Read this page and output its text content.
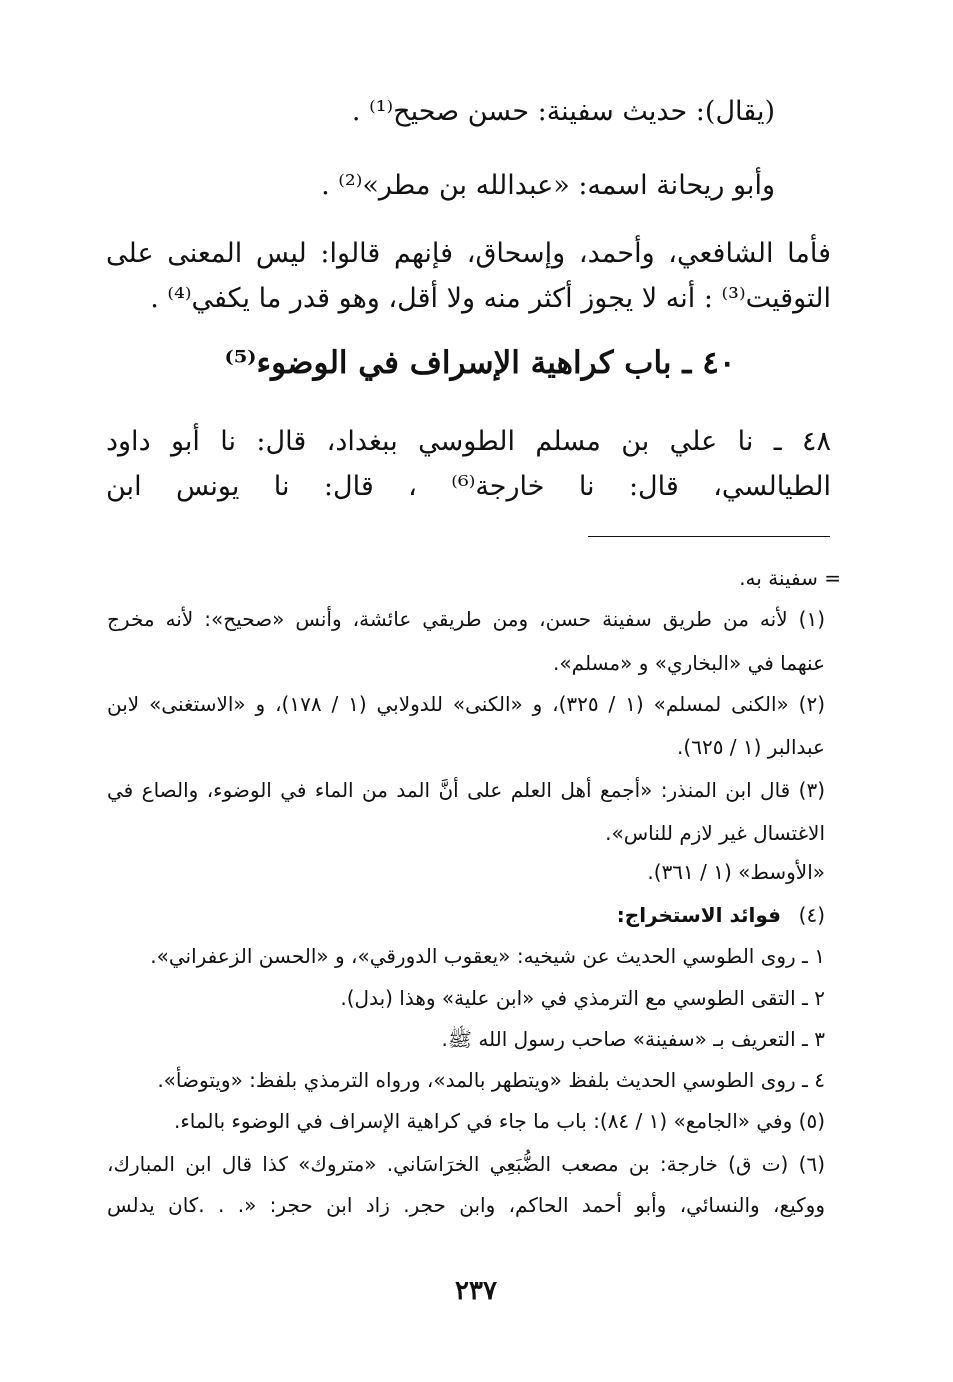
(يقال): حديث سفينة: حسن صحيح⁽¹⁾ .
وأبو ريحانة اسمه: «عبدالله بن مطر»⁽²⁾ .
فأما الشافعي، وأحمد، وإسحاق، فإنهم قالوا: ليس المعنى على
التوقيت⁽³⁾ : أنه لا يجوز أكثر منه ولا أقل، وهو قدر ما يكفي⁽⁴⁾ .
٤٠ ـ باب كراهية الإسراف في الوضوء⁽⁵⁾
٤٨ ـ نا علي بن مسلم الطوسي ببغداد، قال: نا أبو داود
الطيالسي، قال: نا خارجة⁽⁶⁾ ، قال: نا يونس ابن
= سفينة به.
(١) لأنه من طريق سفينة حسن، ومن طريقي عائشة، وأنس «صحيح»: لأنه مخرج
عنهما في «البخاري» و «مسلم».
(٢) «الكنى لمسلم» (١ / ٣٢٥)، و «الكنى» للدولابي (١ / ١٧٨)، و «الاستغنى» لابن
عبدالبر (١ / ٦٢٥).
(٣) قال ابن المنذر: «أجمع أهل العلم على أنَّ المد من الماء في الوضوء، والصاع في
الاغتسال غير لازم للناس».
«الأوسط» (١ / ٣٦١).
(٤)
فوائد الاستخراج:
١ ـ روى الطوسي الحديث عن شيخيه: «يعقوب الدورقي»، و «الحسن الزعفراني».
٢ ـ التقى الطوسي مع الترمذي في «ابن علية» وهذا (بدل).
٣ ـ التعريف بـ «سفينة» صاحب رسول الله ﷺ.
٤ ـ روى الطوسي الحديث بلفظ «ويتطهر بالمد»، ورواه الترمذي بلفظ: «ويتوضأ».
(٥) وفي «الجامع» (١ / ٨٤): باب ما جاء في كراهية الإسراف في الوضوء بالماء.
(٦) (ت ق) خارجة: بن مصعب الضُّبَعِي الخرَاسَاني. «متروك» كذا قال ابن المبارك،
ووكيع، والنسائي، وأبو أحمد الحاكم، وابن حجر. زاد ابن حجر: «. . .كان يدلس
٢٣٧
